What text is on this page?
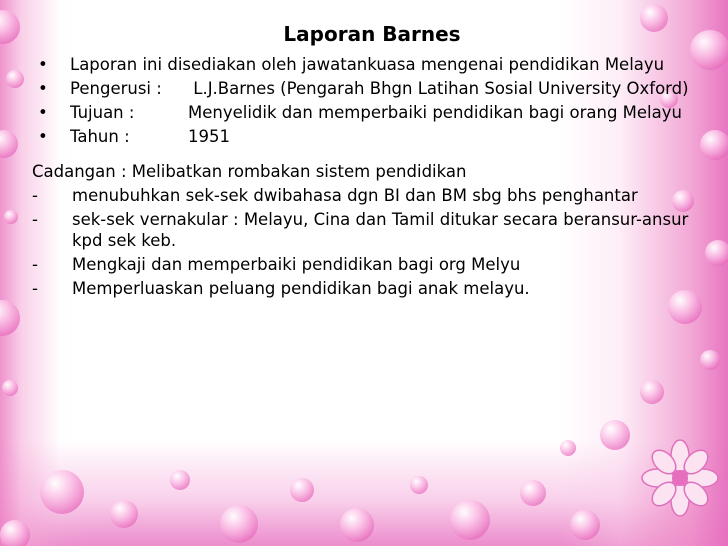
Laporan Barnes
• Laporan ini disediakan oleh jawatankuasa mengenai pendidikan Melayu
• Pengerusi :	L.J.Barnes (Pengarah Bhgn Latihan Sosial University Oxford)
• Tujuan :	Menyelidik dan memperbaiki pendidikan bagi orang Melayu
• Tahun :	1951
Cadangan : Melibatkan rombakan sistem pendidikan
- menubuhkan sek-sek dwibahasa dgn BI dan BM sbg bhs penghantar
- sek-sek vernakular : Melayu, Cina dan Tamil ditukar secara beransur-ansur kpd sek keb.
- Mengkaji dan memperbaiki pendidikan bagi org Melyu
- Memperluaskan peluang pendidikan bagi anak melayu.
